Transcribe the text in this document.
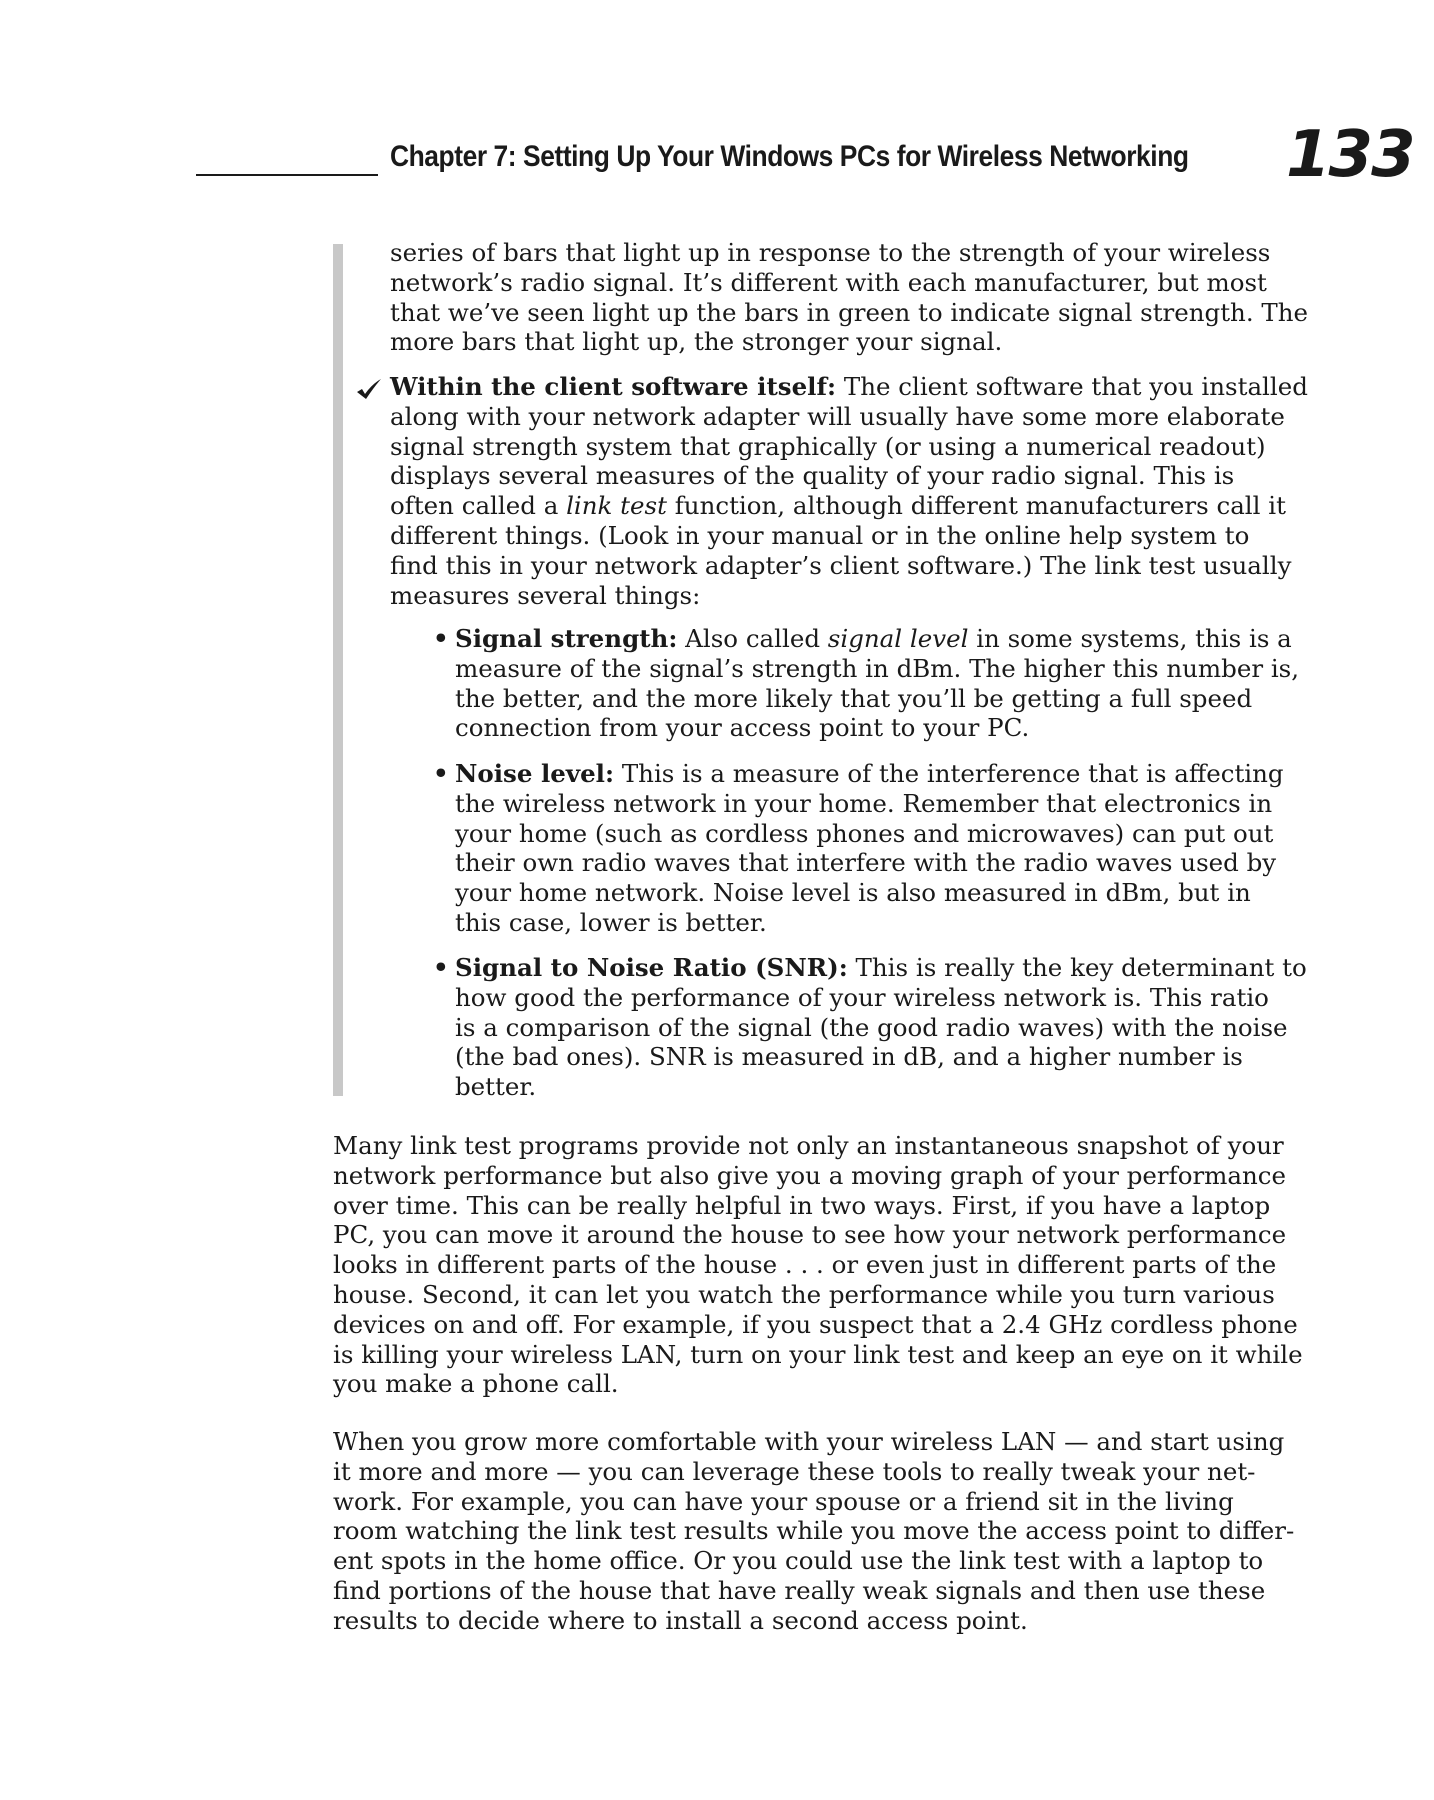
Chapter 7: Setting Up Your Windows PCs for Wireless Networking 133
series of bars that light up in response to the strength of your wireless
network’s radio signal. It’s different with each manufacturer, but most
that we’ve seen light up the bars in green to indicate signal strength. The
more bars that light up, the stronger your signal.
Within the client software itself: The client software that you installed
along with your network adapter will usually have some more elaborate
signal strength system that graphically (or using a numerical readout)
displays several measures of the quality of your radio signal. This is
often called a link test function, although different manufacturers call it
different things. (Look in your manual or in the online help system to
find this in your network adapter’s client software.) The link test usually
measures several things:
• Signal strength: Also called signal level in some systems, this is a
measure of the signal’s strength in dBm. The higher this number is,
the better, and the more likely that you’ll be getting a full speed
connection from your access point to your PC.
• Noise level: This is a measure of the interference that is affecting
the wireless network in your home. Remember that electronics in
your home (such as cordless phones and microwaves) can put out
their own radio waves that interfere with the radio waves used by
your home network. Noise level is also measured in dBm, but in
this case, lower is better.
• Signal to Noise Ratio (SNR): This is really the key determinant to
how good the performance of your wireless network is. This ratio
is a comparison of the signal (the good radio waves) with the noise
(the bad ones). SNR is measured in dB, and a higher number is
better.
Many link test programs provide not only an instantaneous snapshot of your
network performance but also give you a moving graph of your performance
over time. This can be really helpful in two ways. First, if you have a laptop
PC, you can move it around the house to see how your network performance
looks in different parts of the house . . . or even just in different parts of the
house. Second, it can let you watch the performance while you turn various
devices on and off. For example, if you suspect that a 2.4 GHz cordless phone
is killing your wireless LAN, turn on your link test and keep an eye on it while
you make a phone call.
When you grow more comfortable with your wireless LAN — and start using
it more and more — you can leverage these tools to really tweak your net-
work. For example, you can have your spouse or a friend sit in the living
room watching the link test results while you move the access point to differ-
ent spots in the home office. Or you could use the link test with a laptop to
find portions of the house that have really weak signals and then use these
results to decide where to install a second access point.
